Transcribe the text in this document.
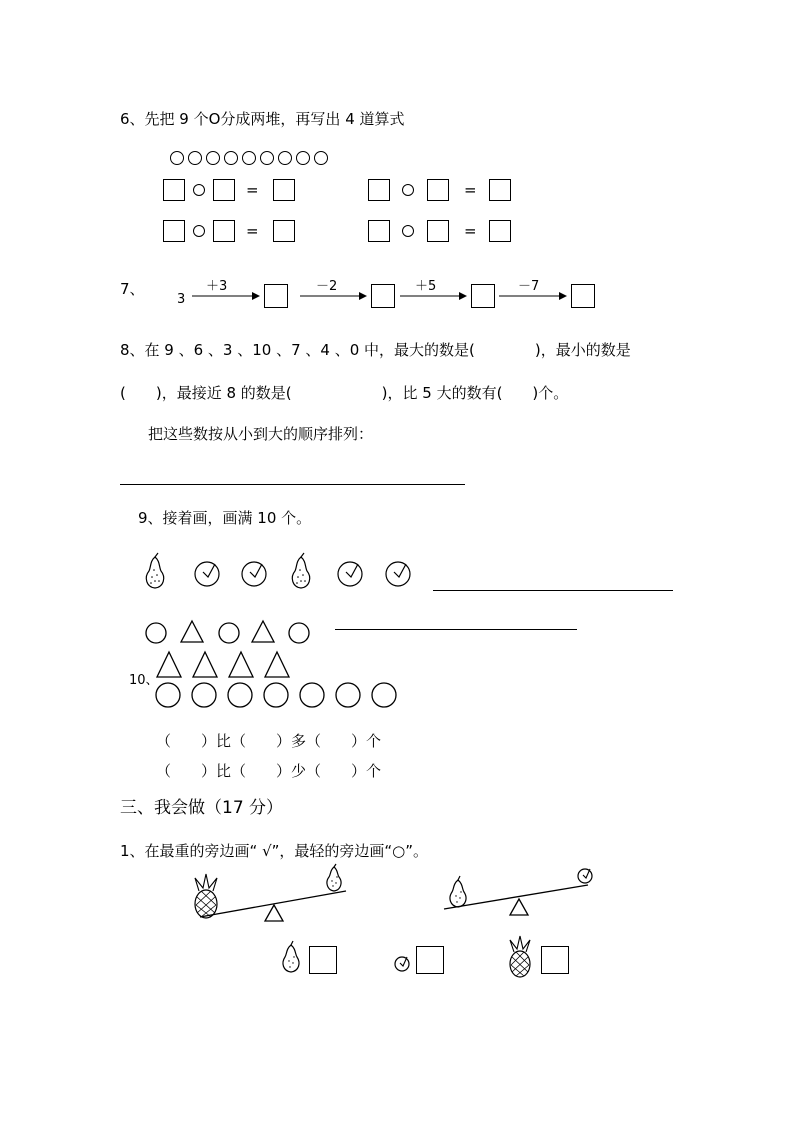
6、先把 9 个O分成两堆，再写出 4 道算式
=	=
=	=
7、
3
＋3	－2	＋5	－7
8、在 9 、6 、3 、10 、7 、4 、0 中，最大的数是(　　　　)，最小的数是
(　　)，最接近 8 的数是(　　　　　　)，比 5 大的数有(　　)个。
把这些数按从小到大的顺序排列：
9、接着画，画满 10 个。
10、
（　　）比（　　）多（　　）个
（　　）比（　　）少（　　）个
三、我会做（17 分）
1、在最重的旁边画“ √”，最轻的旁边画“○”。
